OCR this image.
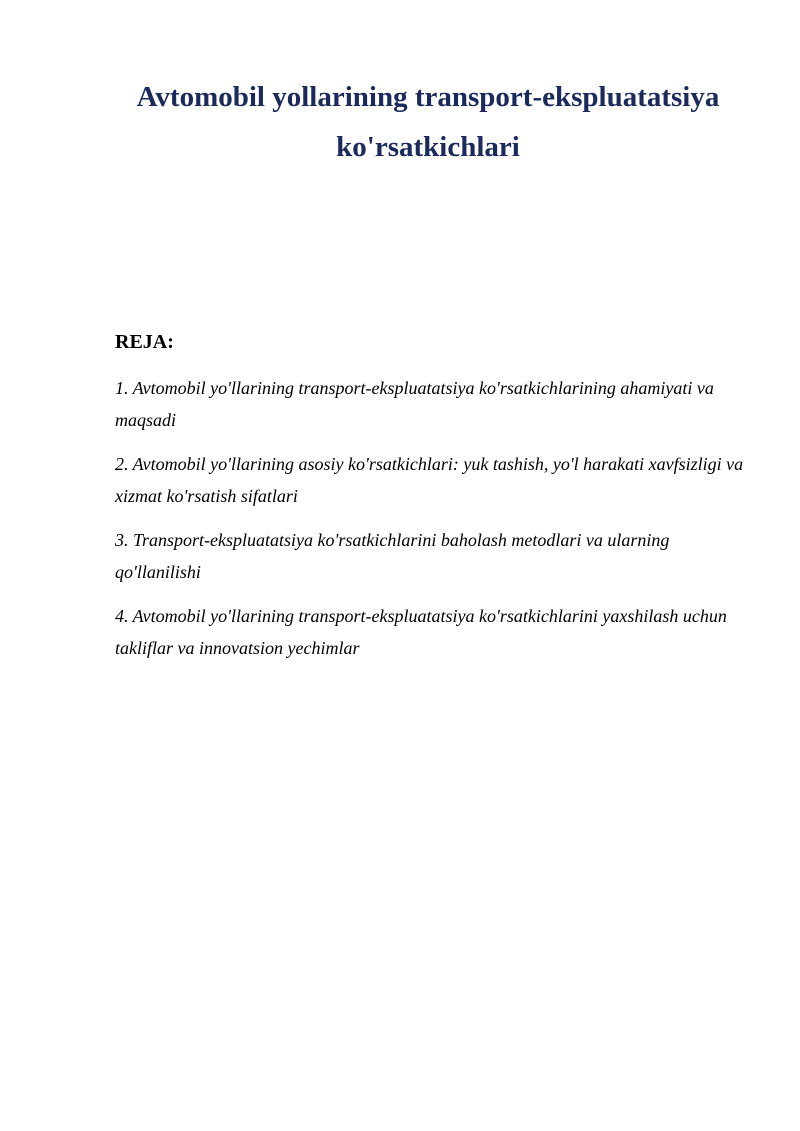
Avtomobil yollarining transport-ekspluatatsiya ko'rsatkichlari
REJA:
1. Avtomobil yo'llarining transport-ekspluatatsiya ko'rsatkichlarining ahamiyati va maqsadi
2. Avtomobil yo'llarining asosiy ko'rsatkichlari: yuk tashish, yo'l harakati xavfsizligi va xizmat ko'rsatish sifatlari
3. Transport-ekspluatatsiya ko'rsatkichlarini baholash metodlari va ularning qo'llanilishi
4. Avtomobil yo'llarining transport-ekspluatatsiya ko'rsatkichlarini yaxshilash uchun takliflar va innovatsion yechimlar
